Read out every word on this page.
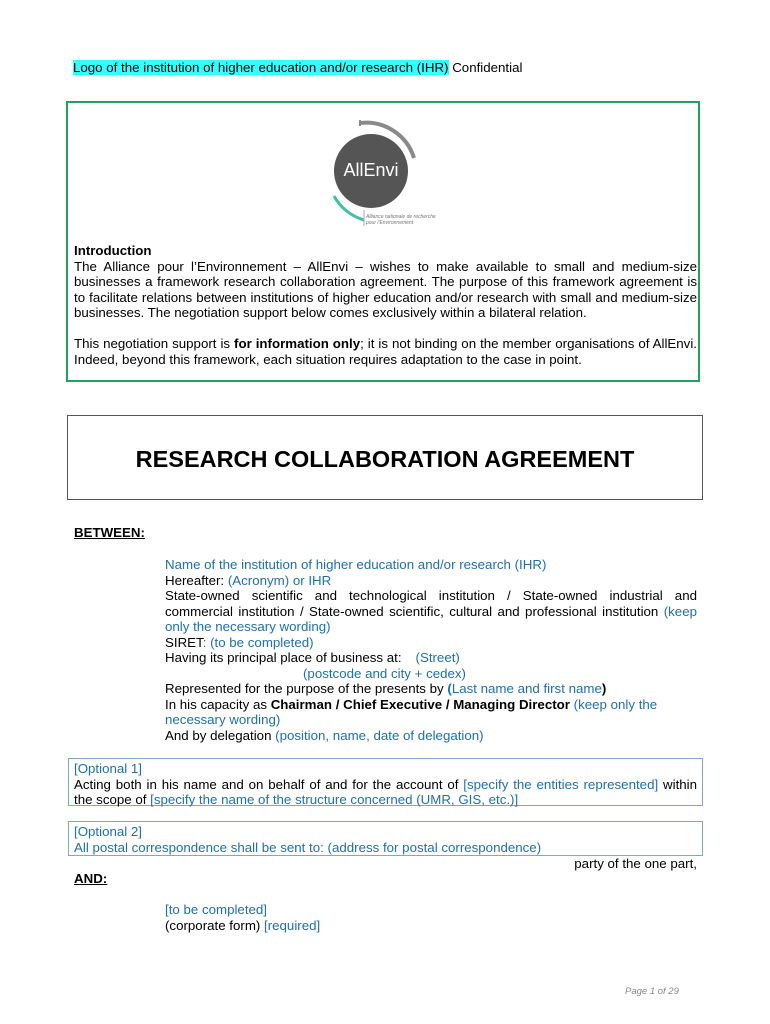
Logo of the institution of higher education and/or research (IHR) Confidential
AllEnvi
Alliance nationale de recherche
pour l'Environnement

Introduction

The Alliance pour l’Environnement – AllEnvi – wishes to make available to small and medium-size businesses a framework research collaboration agreement. The purpose of this framework agreement is to facilitate relations between institutions of higher education and/or research with small and medium-size businesses. The negotiation support below comes exclusively within a bilateral relation.

This negotiation support is for information only; it is not binding on the member organisations of AllEnvi. Indeed, beyond this framework, each situation requires adaptation to the case in point.

RESEARCH COLLABORATION AGREEMENT
BETWEEN:
Name of the institution of higher education and/or research (IHR)
Hereafter: (Acronym) or IHR
State-owned scientific and technological institution / State-owned industrial and commercial institution / State-owned scientific, cultural and professional institution (keep only the necessary wording)
SIRET: (to be completed)
Having its principal place of business at: (Street)
(postcode and city + cedex)
Represented for the purpose of the presents by (Last name and first name)
In his capacity as Chairman / Chief Executive / Managing Director (keep only the necessary wording)
And by delegation (position, name, date of delegation)
[Optional 1]
Acting both in his name and on behalf of and for the account of [specify the entities represented] within the scope of [specify the name of the structure concerned (UMR, GIS, etc.)]
[Optional 2]
All postal correspondence shall be sent to: (address for postal correspondence)
party of the one part,
AND:
[to be completed]
(corporate form) [required]
Page 1 of 29
